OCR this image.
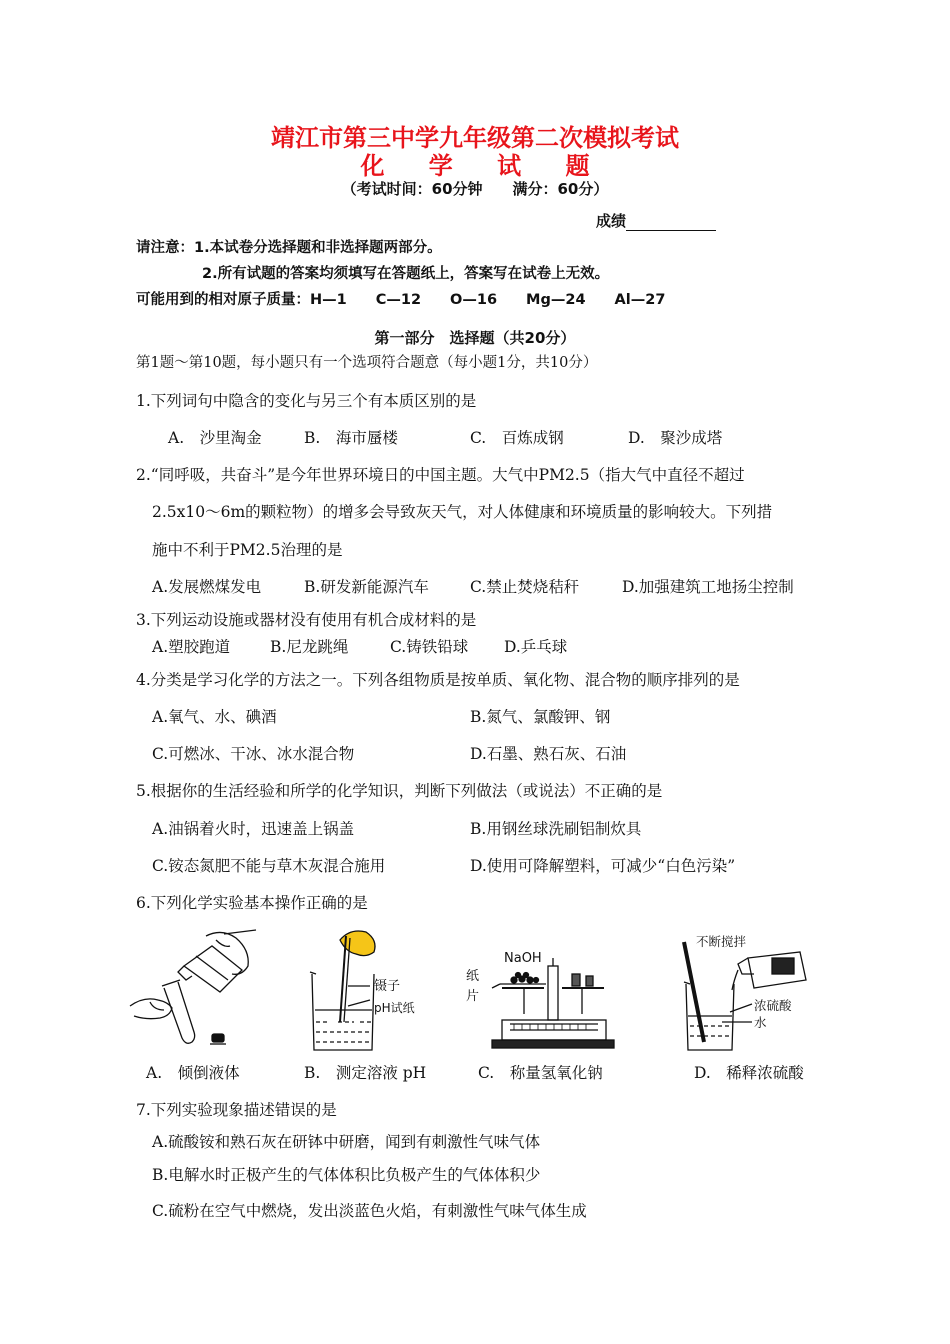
靖江市第三中学九年级第二次模拟考试
化 学 试 题
（考试时间：60分钟　　满分：60分）
成绩
请注意：1.本试卷分选择题和非选择题两部分。
2.所有试题的答案均须填写在答题纸上，答案写在试卷上无效。
可能用到的相对原子质量：H—1　　C—12　　O—16　　Mg—24　　Al—27
第一部分　选择题（共20分）
第1题～第10题，每小题只有一个选项符合题意（每小题1分，共10分）
1.下列词句中隐含的变化与另三个有本质区别的是
A.　沙里淘金	B.　海市蜃楼	C.　百炼成钢	D.　聚沙成塔
2.“同呼吸，共奋斗”是今年世界环境日的中国主题。大气中PM2.5（指大气中直径不超过
2.5x10～6m的颗粒物）的增多会导致灰天气，对人体健康和环境质量的影响较大。下列措
施中不利于PM2.5治理的是
A.发展燃煤发电	B.研发新能源汽车	C.禁止焚烧秸秆	D.加强建筑工地扬尘控制
3.下列运动设施或器材没有使用有机合成材料的是
A.塑胶跑道	B.尼龙跳绳	C.铸铁铅球 D.乒乓球
4.分类是学习化学的方法之一。下列各组物质是按单质、氧化物、混合物的顺序排列的是
A.氧气、水、碘酒	B.氮气、氯酸钾、钢
C.可燃冰、干冰、冰水混合物	D.石墨、熟石灰、石油
5.根据你的生活经验和所学的化学知识，判断下列做法（或说法）不正确的是
A.油锅着火时，迅速盖上锅盖	B.用钢丝球洗刷铝制炊具
C.铵态氮肥不能与草木灰混合施用	D.使用可降解塑料，可减少“白色污染”
6.下列化学实验基本操作正确的是
A.　倾倒液体
镊子
pH试纸
B.　测定溶液 pH
NaOH
纸
片
C.　称量氢氧化钠
不断搅拌
浓硫酸
水
D.　稀释浓硫酸
7.下列实验现象描述错误的是
A.硫酸铵和熟石灰在研钵中研磨，闻到有刺激性气味气体
B.电解水时正极产生的气体体积比负极产生的气体体积少
C.硫粉在空气中燃烧，发出淡蓝色火焰，有刺激性气味气体生成
